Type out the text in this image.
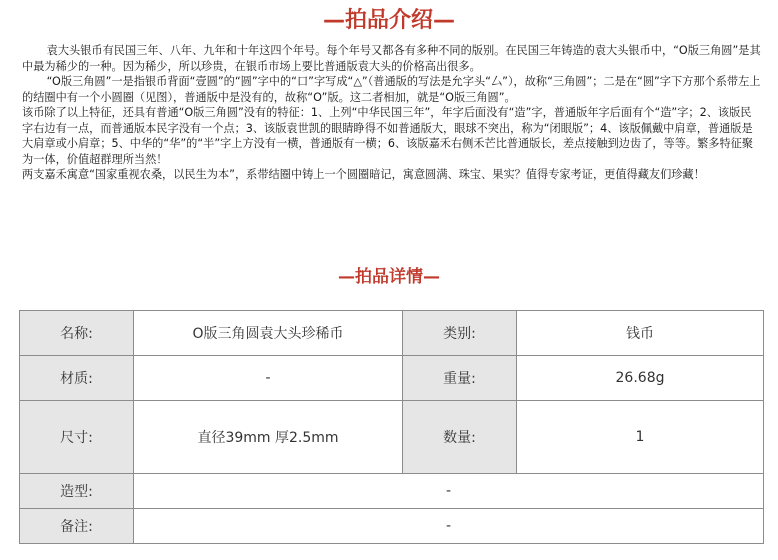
—拍品介绍—

袁大头银币有民国三年、八年、九年和十年这四个年号。每个年号又都各有多种不同的版别。在民国三年铸造的袁大头银币中，“O版三角圆”是其中最为稀少的一种。因为稀少，所以珍贵，在银币市场上要比普通版袁大头的价格高出很多。

“O版三角圆”一是指银币背面“壹圆”的“圆”字中的“口”字写成“△”（普通版的写法是允字头“厶”），故称“三角圆”；二是在“圆”字下方那个系带左上的结圈中有一个小圆圈（见图），普通版中是没有的，故称“O”版。这二者相加，就是“O版三角圆”。

该币除了以上特征，还具有普通“O版三角圆”没有的特征：1、上列“中华民国三年”，年字后面没有“造”字，普通版年字后面有个“造”字；2、该版民字右边有一点，而普通版本民字没有一个点；3、该版袁世凯的眼睛睁得不如普通版大，眼球不突出，称为“闭眼版”；4、该版佩戴中肩章，普通版是大肩章或小肩章；5、中华的“华”的“半”字上方没有一横，普通版有一横；6、该版嘉禾右侧禾芒比普通版长，差点接触到边齿了，等等。繁多特征聚为一体，价值超群理所当然！

两支嘉禾寓意“国家重视农桑，以民生为本”，系带结圈中铸上一个圆圈暗记，寓意圆满、珠宝、果实？值得专家考证，更值得藏友们珍藏！

—拍品详情—
名称:	O版三角圆袁大头珍稀币	类别:	钱币
材质:	-	重量:	26.68g
尺寸:	直径39mm 厚2.5mm	数量:	1
造型:	-		
备注:	-		
